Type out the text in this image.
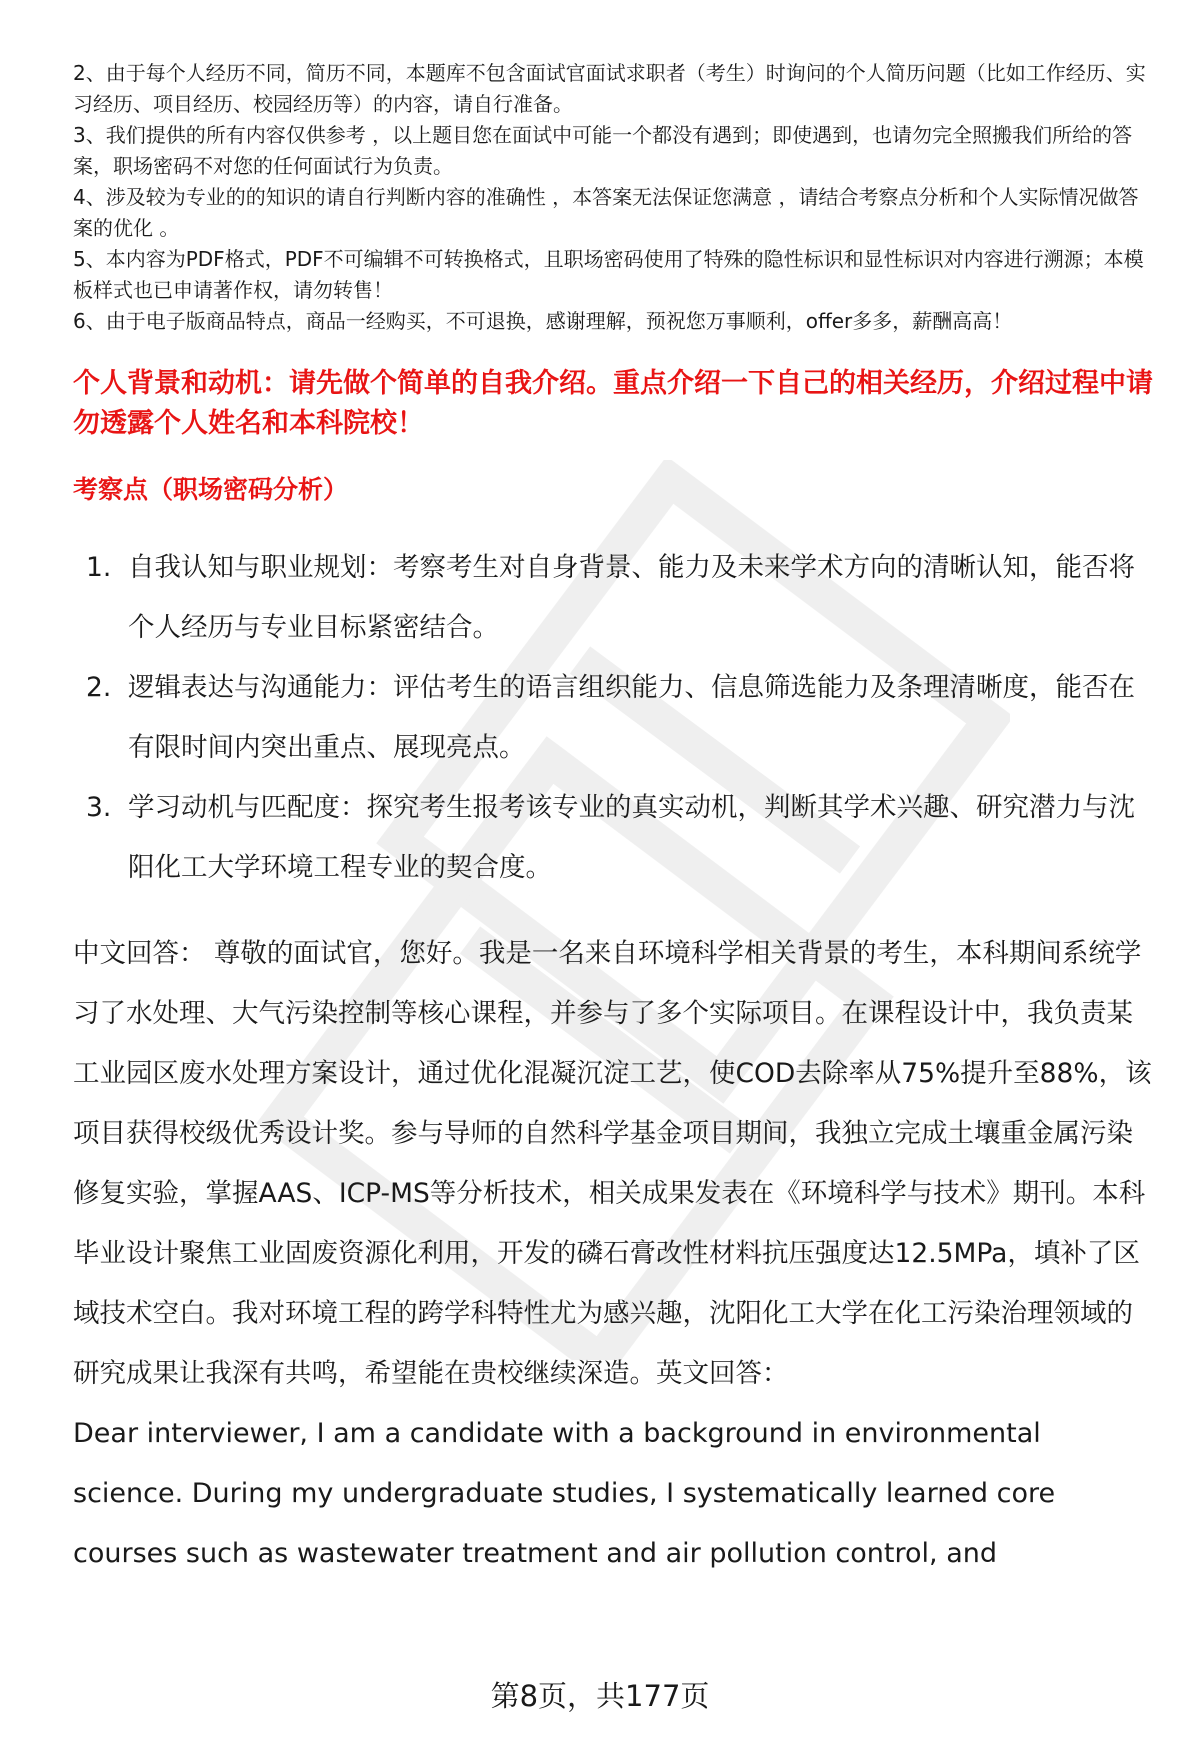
2、由于每个人经历不同，简历不同，本题库不包含面试官面试求职者（考生）时询问的个人简历问题（比如工作经历、实习经历、项目经历、校园经历等）的内容，请自行准备。

3、我们提供的所有内容仅供参考 ，以上题目您在面试中可能一个都没有遇到；即使遇到，也请勿完全照搬我们所给的答案，职场密码不对您的任何面试行为负责。

4、涉及较为专业的的知识的请自行判断内容的准确性 ，本答案无法保证您满意 ，请结合考察点分析和个人实际情况做答案的优化 。

5、本内容为PDF格式，PDF不可编辑不可转换格式，且职场密码使用了特殊的隐性标识和显性标识对内容进行溯源；本模板样式也已申请著作权，请勿转售！

6、由于电子版商品特点，商品一经购买，不可退换，感谢理解，预祝您万事顺利，offer多多，薪酬高高！

个人背景和动机：请先做个简单的自我介绍。重点介绍一下自己的相关经历，介绍过程中请勿透露个人姓名和本科院校！

考察点（职场密码分析）

1. 自我认知与职业规划：考察考生对自身背景、能力及未来学术方向的清晰认知，能否将个人经历与专业目标紧密结合。
2. 逻辑表达与沟通能力：评估考生的语言组织能力、信息筛选能力及条理清晰度，能否在有限时间内突出重点、展现亮点。
3. 学习动机与匹配度：探究考生报考该专业的真实动机，判断其学术兴趣、研究潜力与沈阳化工大学环境工程专业的契合度。

中文回答： 尊敬的面试官，您好。我是一名来自环境科学相关背景的考生，本科期间系统学习了水处理、大气污染控制等核心课程，并参与了多个实际项目。在课程设计中，我负责某工业园区废水处理方案设计，通过优化混凝沉淀工艺，使COD去除率从75%提升至88%，该项目获得校级优秀设计奖。参与导师的自然科学基金项目期间，我独立完成土壤重金属污染修复实验，掌握AAS、ICP-MS等分析技术，相关成果发表在《环境科学与技术》期刊。本科毕业设计聚焦工业固废资源化利用，开发的磷石膏改性材料抗压强度达12.5MPa，填补了区域技术空白。我对环境工程的跨学科特性尤为感兴趣，沈阳化工大学在化工污染治理领域的研究成果让我深有共鸣，希望能在贵校继续深造。英文回答：

Dear interviewer, I am a candidate with a background in environmental science. During my undergraduate studies, I systematically learned core courses such as wastewater treatment and air pollution control, and

第8页，共177页
